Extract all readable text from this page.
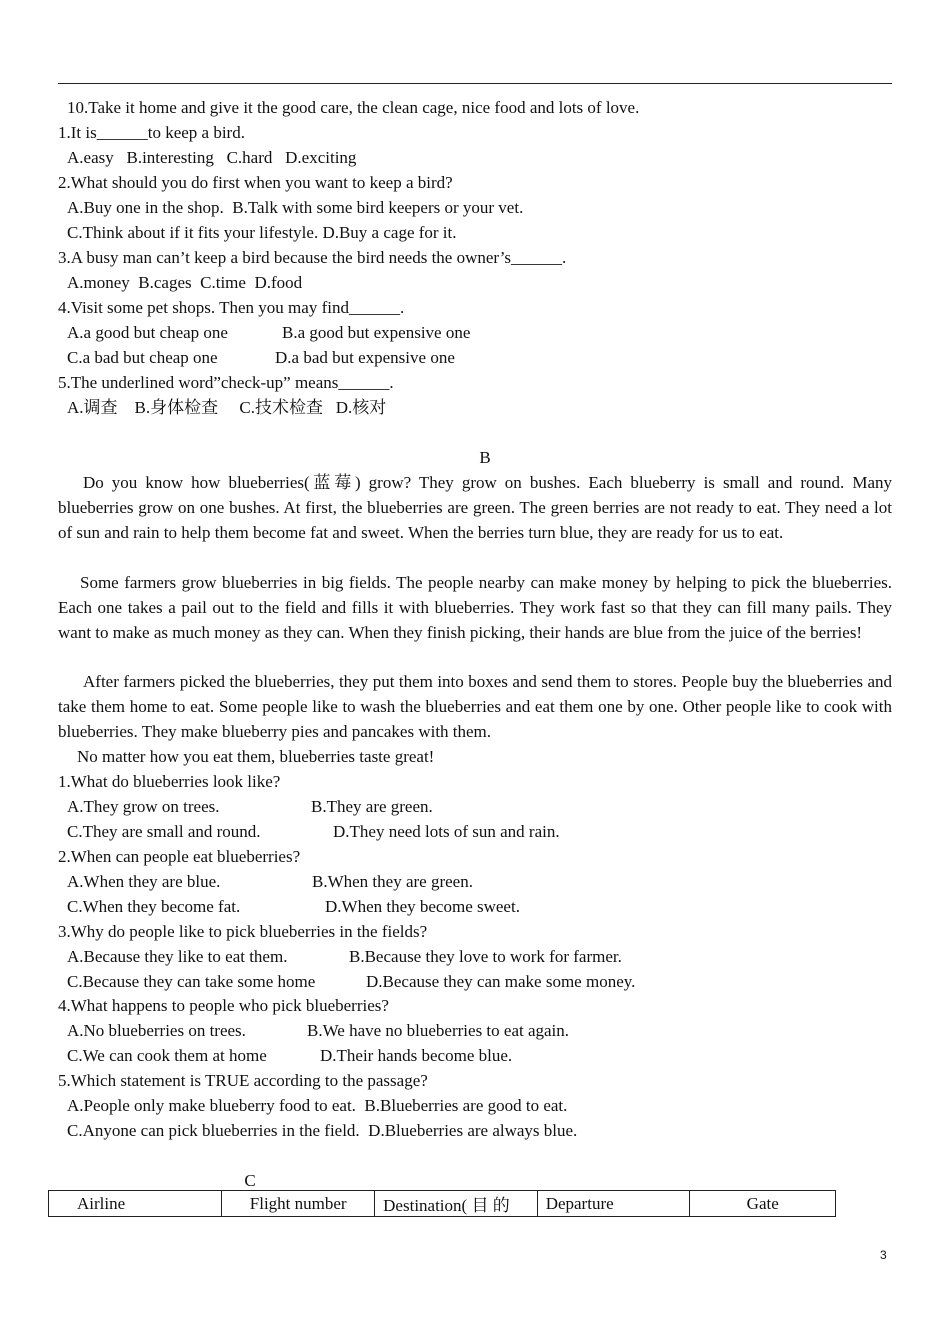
10.Take it home and give it the good care, the clean cage, nice food and lots of love.
1.It is______to keep a bird.
A.easy   B.interesting   C.hard   D.exciting
2.What should you do first when you want to keep a bird?
A.Buy one in the shop.  B.Talk with some bird keepers or your vet.
C.Think about if it fits your lifestyle. D.Buy a cage for it.
3.A busy man can’t keep a bird because the bird needs the owner’s______.
A.money  B.cages  C.time  D.food
4.Visit some pet shops. Then you may find______.
A.a good but cheap one	B.a good but expensive one
C.a bad but cheap one	D.a bad but expensive one
5.The underlined word”check-up” means______.
A.调查    B.身体检查     C.技术检查   D.核对
B
Do you know how blueberries(蓝莓) grow? They grow on bushes. Each blueberry is small and round. Many blueberries grow on one bushes. At first, the blueberries are green. The green berries are not ready to eat. They need a lot of sun and rain to help them become fat and sweet. When the berries turn blue, they are ready for us to eat.
Some farmers grow blueberries in big fields. The people nearby can make money by helping to pick the blueberries. Each one takes a pail out to the field and fills it with blueberries. They work fast so that they can fill many pails. They want to make as much money as they can. When they finish picking, their hands are blue from the juice of the berries!
After farmers picked the blueberries, they put them into boxes and send them to stores. People buy the blueberries and take them home to eat. Some people like to wash the blueberries and eat them one by one. Other people like to cook with blueberries. They make blueberry pies and pancakes with them.
No matter how you eat them, blueberries taste great!
1.What do blueberries look like?
A.They grow on trees.	B.They are green.
C.They are small and round.	D.They need lots of sun and rain.
2.When can people eat blueberries?
A.When they are blue.	B.When they are green.
C.When they become fat.	D.When they become sweet.
3.Why do people like to pick blueberries in the fields?
A.Because they like to eat them.	B.Because they love to work for farmer.
C.Because they can take some home	D.Because they can make some money.
4.What happens to people who pick blueberries?
A.No blueberries on trees.	B.We have no blueberries to eat again.
C.We can cook them at home	D.Their hands become blue.
5.Which statement is TRUE according to the passage?
A.People only make blueberry food to eat.  B.Blueberries are good to eat.
C.Anyone can pick blueberries in the field.  D.Blueberries are always blue.
C
Airline	Flight number	Destination( 目 的	Departure	Gate
3
